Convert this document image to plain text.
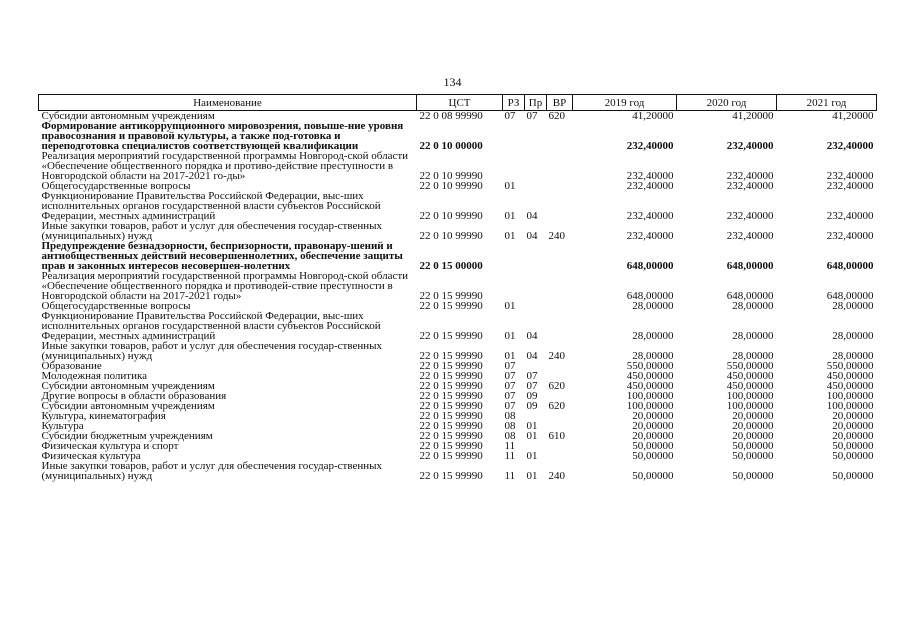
134
Наименование	ЦСТ	РЗ	Пр	ВР	2019 год	2020 год	2021 год
Субсидии автономным учреждениям	22 0 08 99990	07	07	620	41,20000	41,20000	41,20000
Формирование антикоррупционного мировозрения, повыше-ние уровня правосознания и правовой культуры, а также под-готовка и переподготовка специалистов соответствующей квалификации	22 0 10 00000				232,40000	232,40000	232,40000
Реализация мероприятий государственной программы Новгород-ской области «Обеспечение общественного порядка и противо-действие преступности в Новгородской области на 2017-2021 го-ды»	22 0 10 99990				232,40000	232,40000	232,40000
Общегосударственные вопросы	22 0 10 99990	01			232,40000	232,40000	232,40000
Функционирование Правительства Российской Федерации, выс-ших исполнительных органов государственной власти субъектов Российской Федерации, местных администраций	22 0 10 99990	01	04		232,40000	232,40000	232,40000
Иные закупки товаров, работ и услуг для обеспечения государ-ственных (муниципальных) нужд	22 0 10 99990	01	04	240	232,40000	232,40000	232,40000
Предупреждение безнадзорности, беспризорности, правонару-шений и антиобщественных действий несовершеннолетних, обеспечение защиты прав и законных интересов несовершен-нолетних	22 0 15 00000				648,00000	648,00000	648,00000
Реализация мероприятий государственной программы Новгород-ской области «Обеспечение общественного порядка и противодей-ствие преступности в Новгородской области на 2017-2021 годы»	22 0 15 99990				648,00000	648,00000	648,00000
Общегосударственные вопросы	22 0 15 99990	01			28,00000	28,00000	28,00000
Функционирование Правительства Российской Федерации, выс-ших исполнительных органов государственной власти субъектов Российской Федерации, местных администраций	22 0 15 99990	01	04		28,00000	28,00000	28,00000
Иные закупки товаров, работ и услуг для обеспечения государ-ственных (муниципальных) нужд	22 0 15 99990	01	04	240	28,00000	28,00000	28,00000
Образование	22 0 15 99990	07			550,00000	550,00000	550,00000
Молодежная политика	22 0 15 99990	07	07		450,00000	450,00000	450,00000
Субсидии автономным учреждениям	22 0 15 99990	07	07	620	450,00000	450,00000	450,00000
Другие вопросы в области образования	22 0 15 99990	07	09		100,00000	100,00000	100,00000
Субсидии автономным учреждениям	22 0 15 99990	07	09	620	100,00000	100,00000	100,00000
Культура, кинематография	22 0 15 99990	08			20,00000	20,00000	20,00000
Культура	22 0 15 99990	08	01		20,00000	20,00000	20,00000
Субсидии бюджетным учреждениям	22 0 15 99990	08	01	610	20,00000	20,00000	20,00000
Физическая культура и спорт	22 0 15 99990	11			50,00000	50,00000	50,00000
Физическая культура	22 0 15 99990	11	01		50,00000	50,00000	50,00000
Иные закупки товаров, работ и услуг для обеспечения государ-ственных (муниципальных) нужд	22 0 15 99990	11	01	240	50,00000	50,00000	50,00000
